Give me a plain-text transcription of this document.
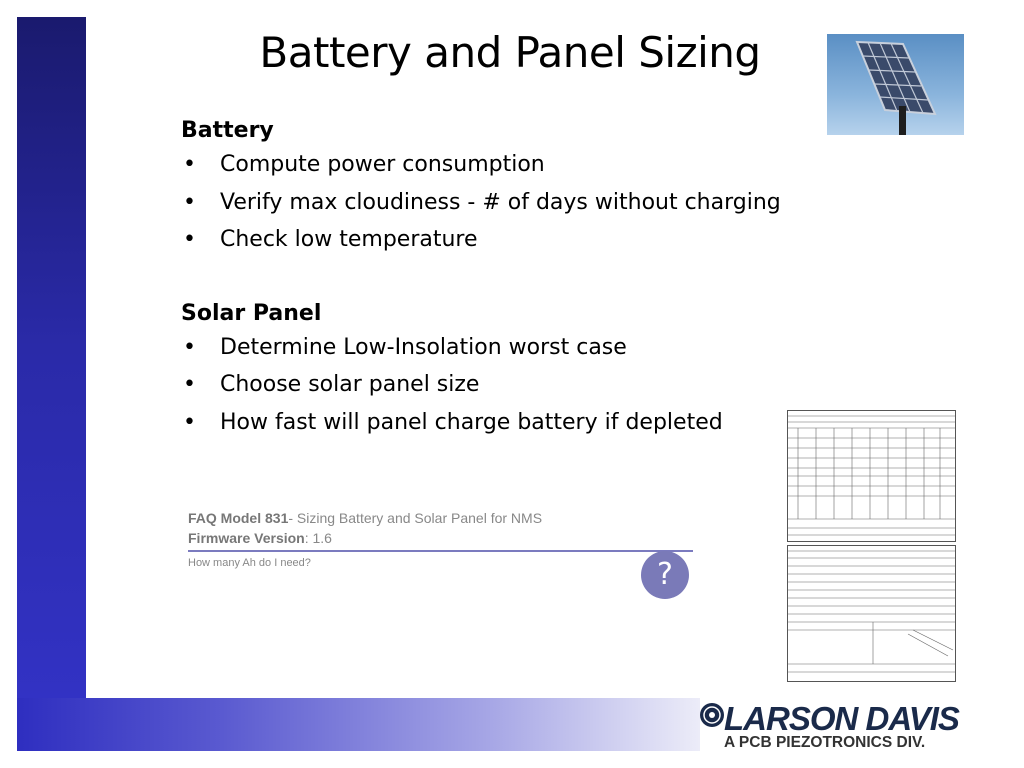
Battery and Panel Sizing
Battery
• Compute power consumption
• Verify max cloudiness - # of days without charging
• Check low temperature
Solar Panel
• Determine Low-Insolation worst case
• Choose solar panel size
• How fast will panel charge battery if depleted
FAQ Model 831- Sizing Battery and Solar Panel for NMS
Firmware Version: 1.6
How many Ah do I need?	?
LARSON DAVIS
A PCB PIEZOTRONICS DIV.
